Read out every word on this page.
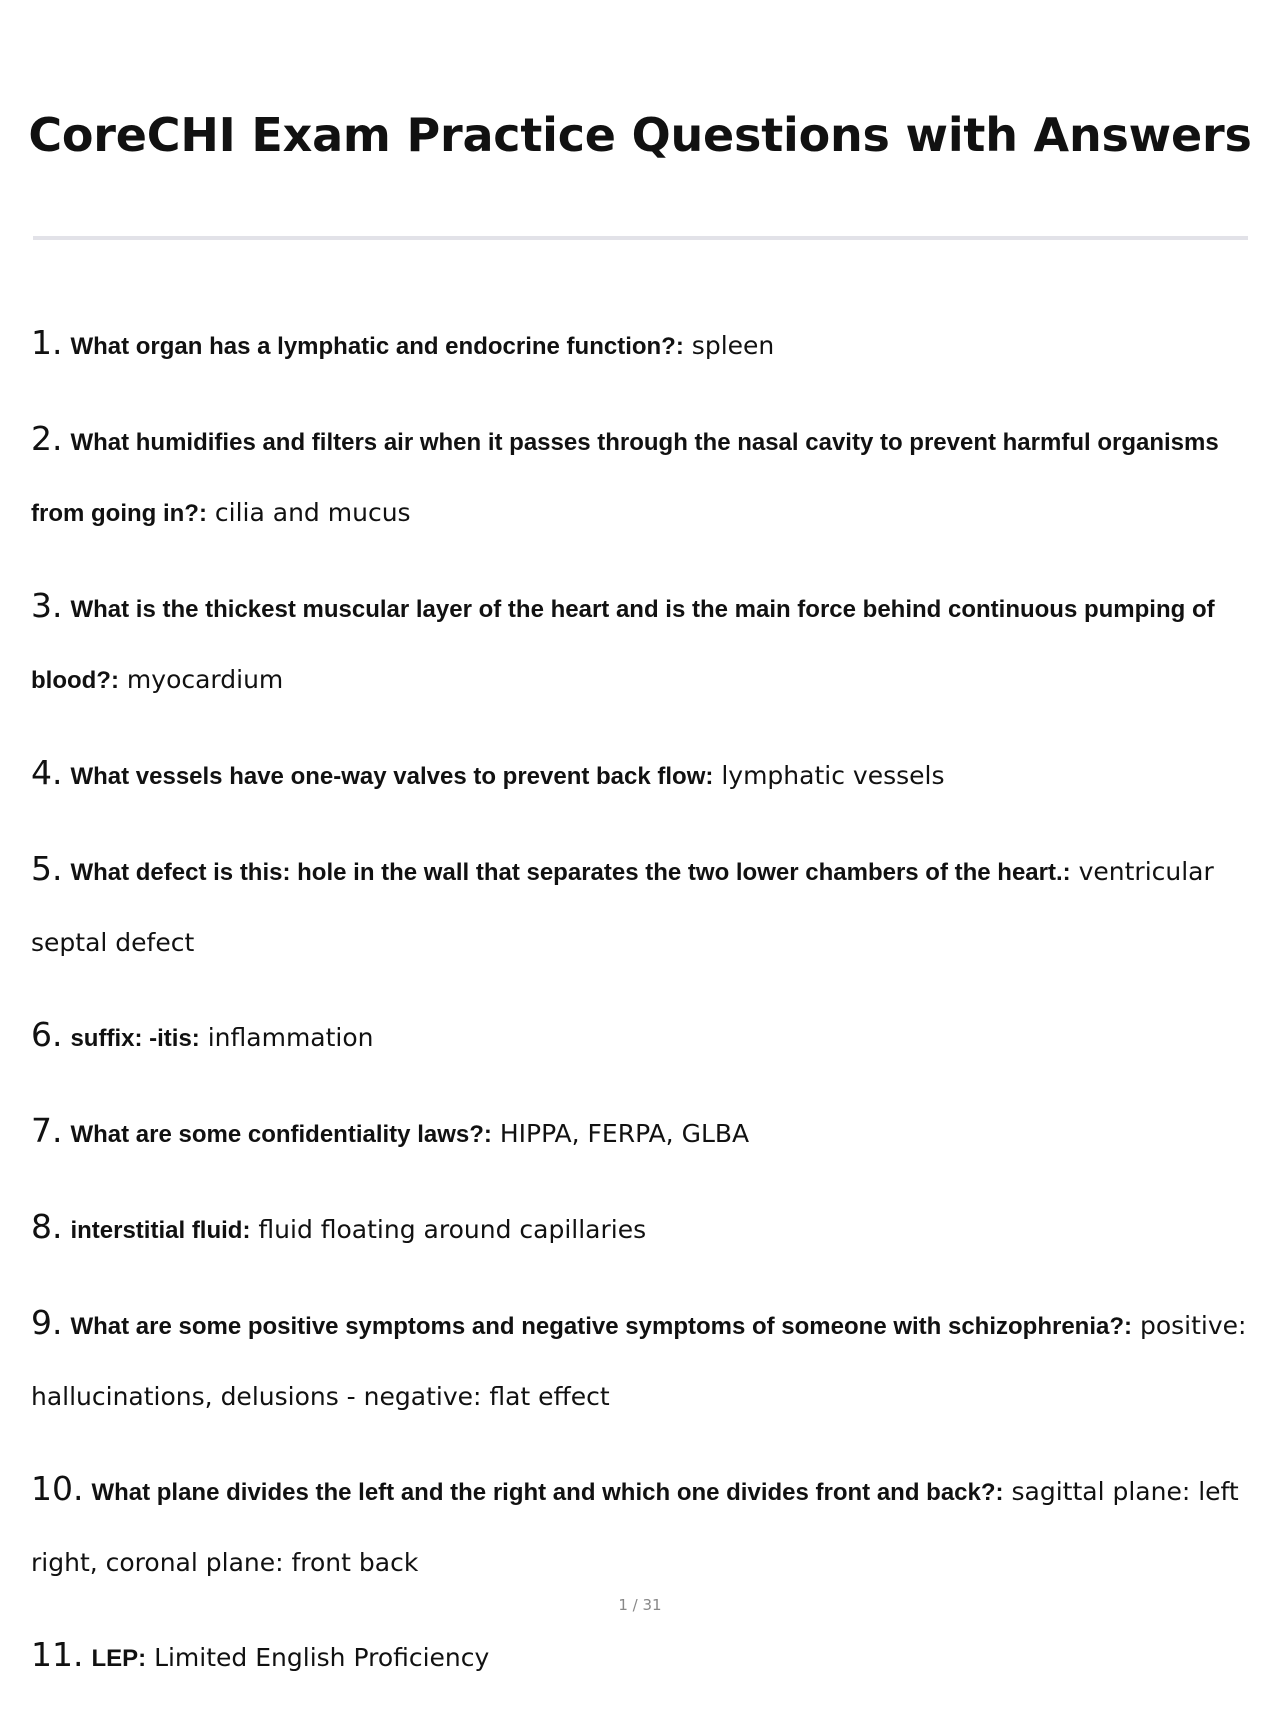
CoreCHI Exam Practice Questions with Answers
1. What organ has a lymphatic and endocrine function?: spleen
2. What humidifies and filters air when it passes through the nasal cavity to prevent harmful organisms from going in?: cilia and mucus
3. What is the thickest muscular layer of the heart and is the main force behind continuous pumping of blood?: myocardium
4. What vessels have one-way valves to prevent back flow: lymphatic vessels
5. What defect is this: hole in the wall that separates the two lower chambers of the heart.: ventricular septal defect
6. suffix: -itis: inflammation
7. What are some confidentiality laws?: HIPPA, FERPA, GLBA
8. interstitial fluid: fluid floating around capillaries
9. What are some positive symptoms and negative symptoms of someone with schizophrenia?: positive: hallucinations, delusions - negative: flat effect
10. What plane divides the left and the right and which one divides front and back?: sagittal plane: left right, coronal plane: front back
11. LEP: Limited English Proficiency
1 / 31
